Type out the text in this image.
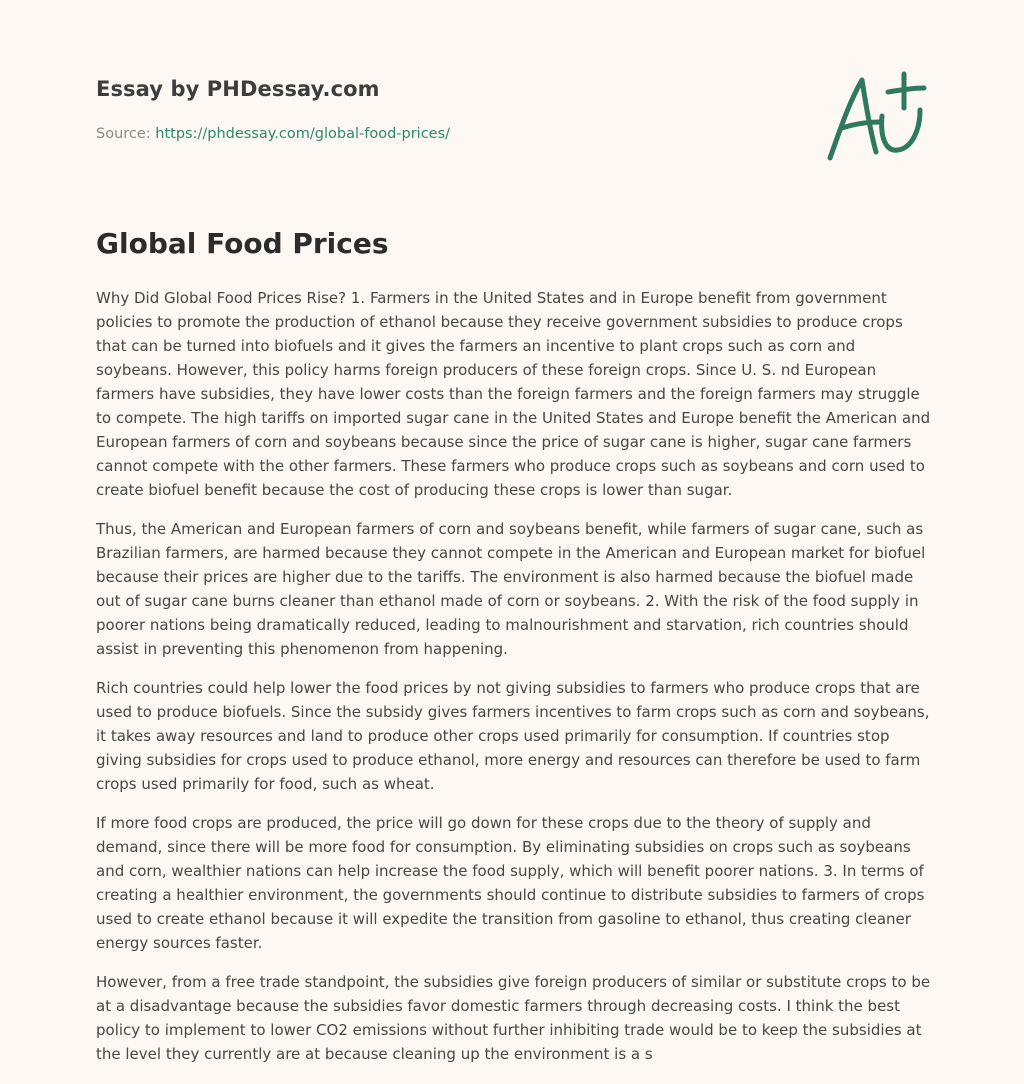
Essay by PHDessay.com
Source: https://phdessay.com/global-food-prices/
Global Food Prices

Why Did Global Food Prices Rise? 1. Farmers in the United States and in Europe benefit from government policies to promote the production of ethanol because they receive government subsidies to produce crops that can be turned into biofuels and it gives the farmers an incentive to plant crops such as corn and soybeans. However, this policy harms foreign producers of these foreign crops. Since U. S. nd European farmers have subsidies, they have lower costs than the foreign farmers and the foreign farmers may struggle to compete. The high tariffs on imported sugar cane in the United States and Europe benefit the American and European farmers of corn and soybeans because since the price of sugar cane is higher, sugar cane farmers cannot compete with the other farmers. These farmers who produce crops such as soybeans and corn used to create biofuel benefit because the cost of producing these crops is lower than sugar.

Thus, the American and European farmers of corn and soybeans benefit, while farmers of sugar cane, such as Brazilian farmers, are harmed because they cannot compete in the American and European market for biofuel because their prices are higher due to the tariffs. The environment is also harmed because the biofuel made out of sugar cane burns cleaner than ethanol made of corn or soybeans. 2. With the risk of the food supply in poorer nations being dramatically reduced, leading to malnourishment and starvation, rich countries should assist in preventing this phenomenon from happening.

Rich countries could help lower the food prices by not giving subsidies to farmers who produce crops that are used to produce biofuels. Since the subsidy gives farmers incentives to farm crops such as corn and soybeans, it takes away resources and land to produce other crops used primarily for consumption. If countries stop giving subsidies for crops used to produce ethanol, more energy and resources can therefore be used to farm crops used primarily for food, such as wheat.

If more food crops are produced, the price will go down for these crops due to the theory of supply and demand, since there will be more food for consumption. By eliminating subsidies on crops such as soybeans and corn, wealthier nations can help increase the food supply, which will benefit poorer nations. 3. In terms of creating a healthier environment, the governments should continue to distribute subsidies to farmers of crops used to create ethanol because it will expedite the transition from gasoline to ethanol, thus creating cleaner energy sources faster.

However, from a free trade standpoint, the subsidies give foreign producers of similar or substitute crops to be at a disadvantage because the subsidies favor domestic farmers through decreasing costs. I think the best policy to implement to lower CO2 emissions without further inhibiting trade would be to keep the subsidies at the level they currently are at because cleaning up the environment is a s
